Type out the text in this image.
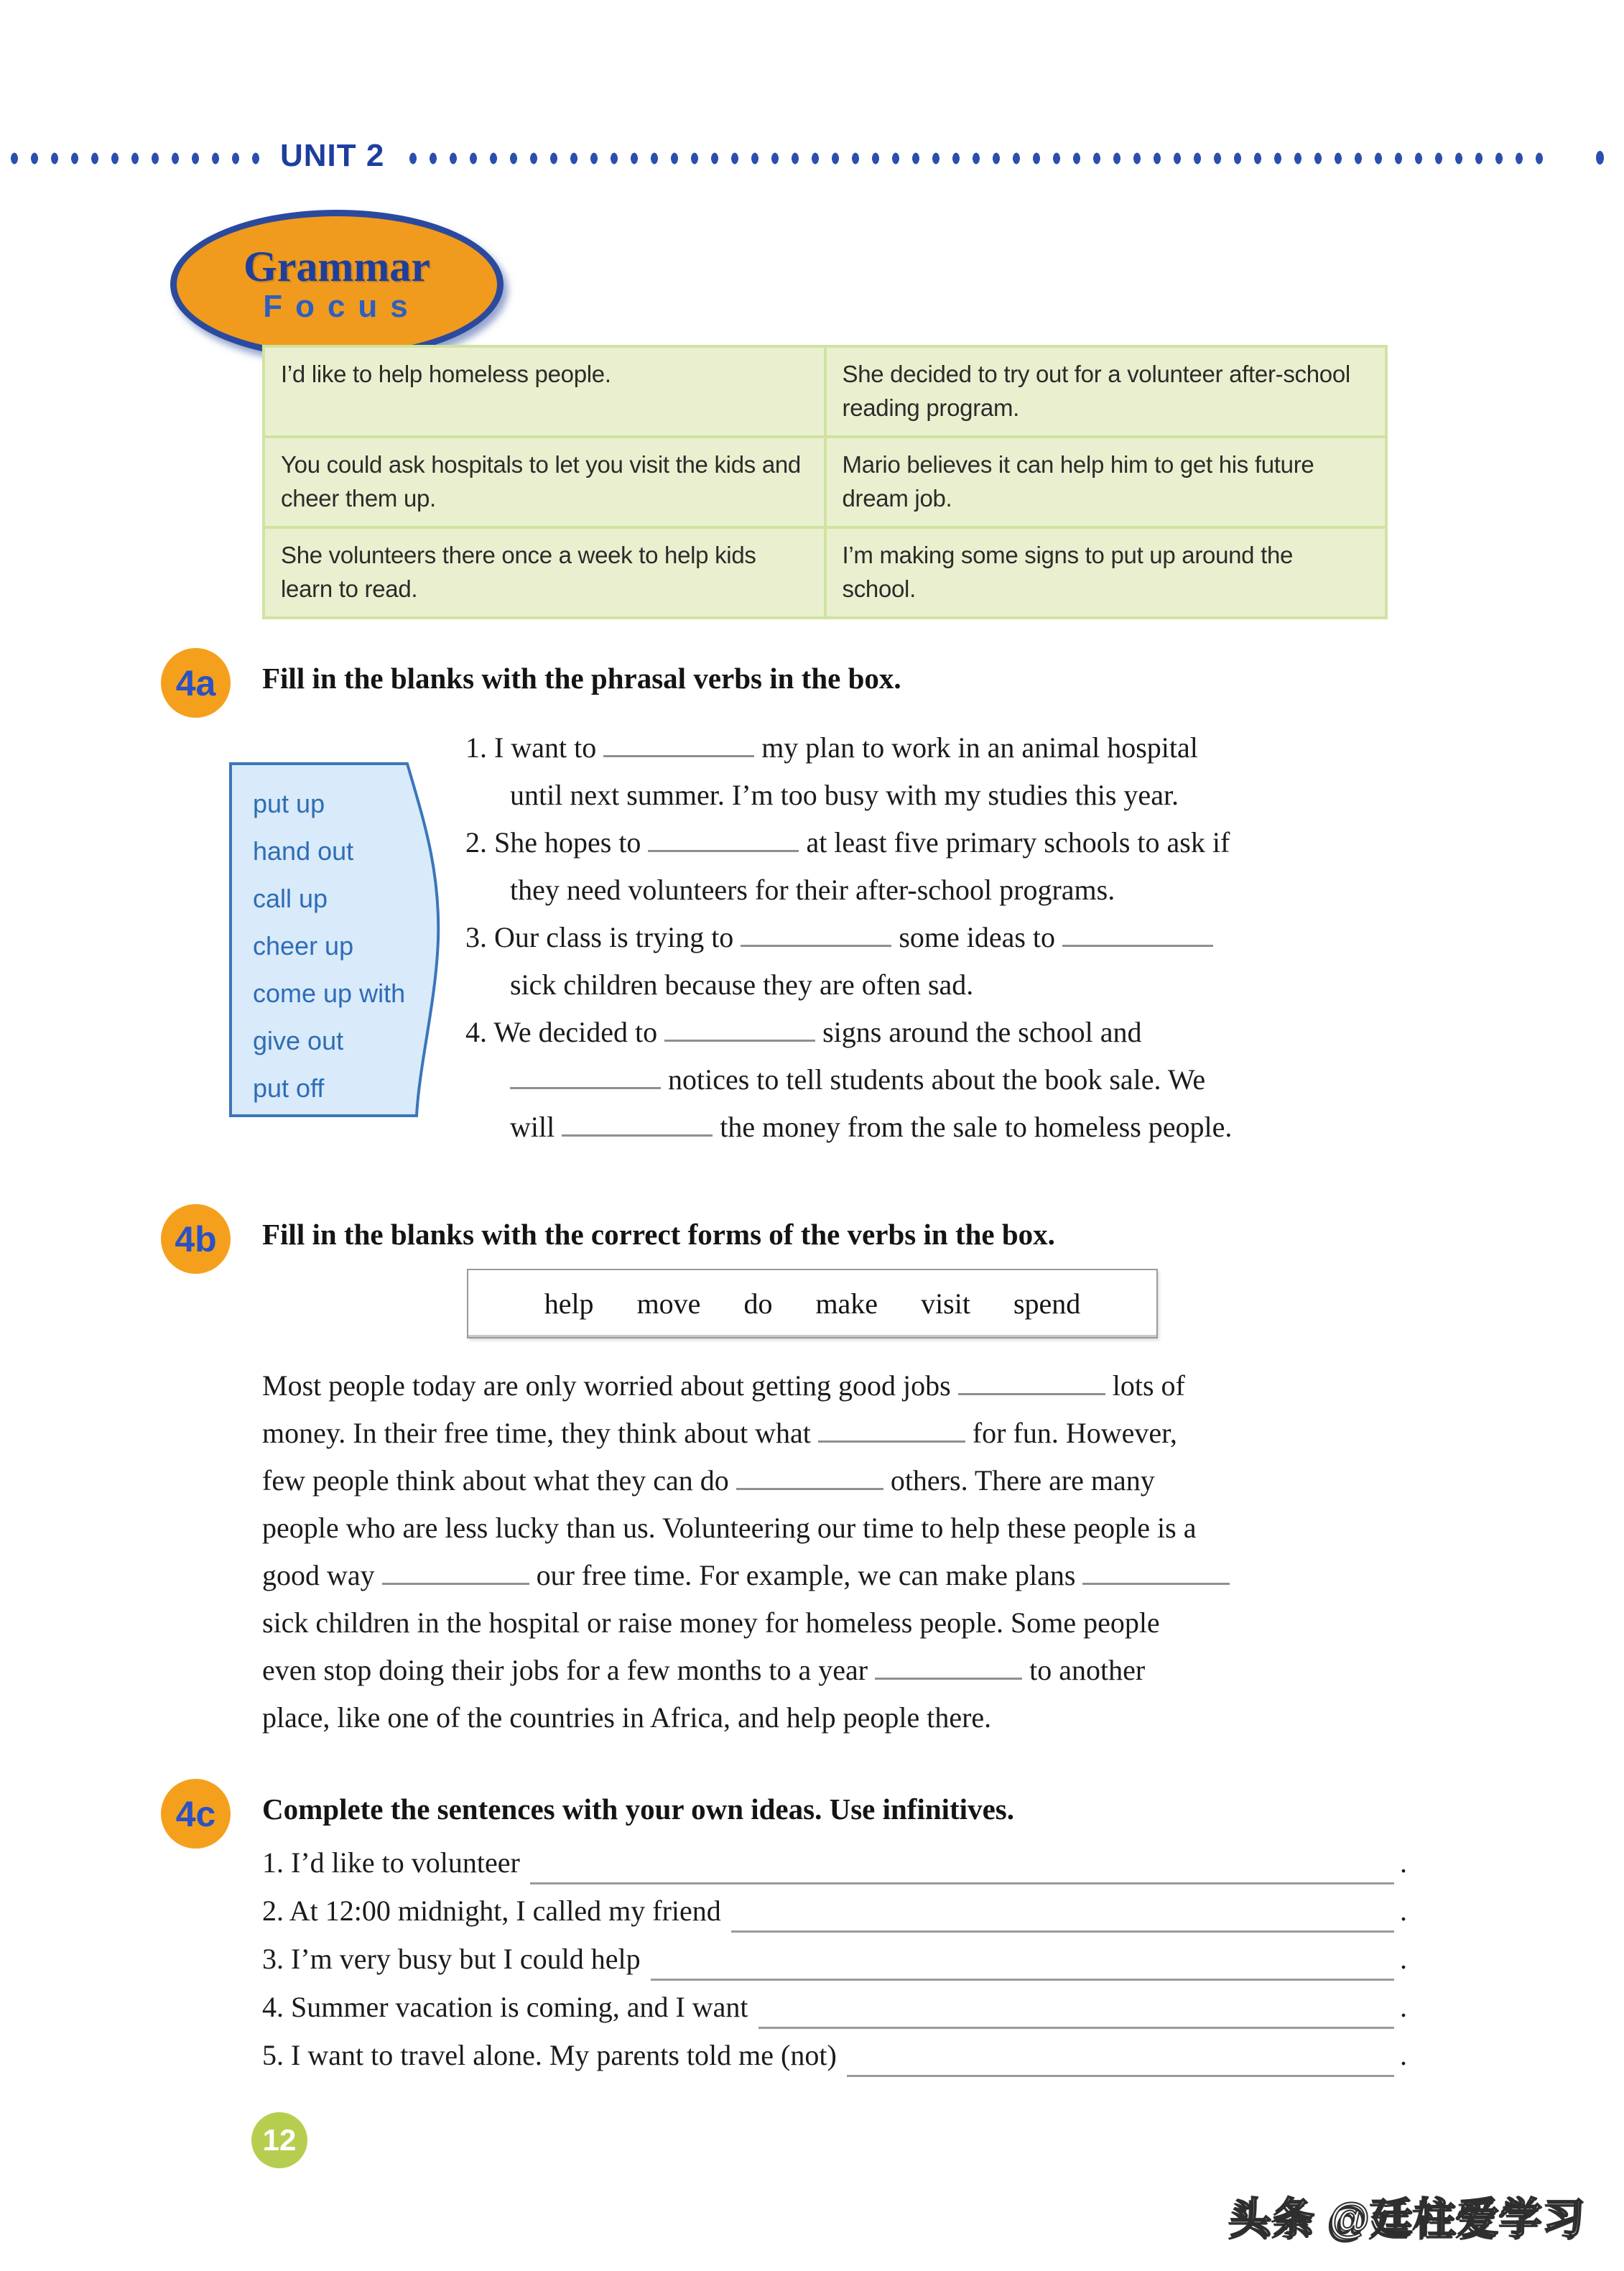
UNIT 2
Grammar
Focus
I’d like to help homeless people.	She decided to try out for a volunteer after-school reading program.
You could ask hospitals to let you visit the kids and cheer them up.	Mario believes it can help him to get his future dream job.
She volunteers there once a week to help kids learn to read.	I’m making some signs to put up around the school.
4a	Fill in the blanks with the phrasal verbs in the box.
put up
hand out
call up
cheer up
come up with
give out
put off
1. I want to	my plan to work in an animal hospital
until next summer. I’m too busy with my studies this year.
2. She hopes to	at least five primary schools to ask if
they need volunteers for their after-school programs.
3. Our class is trying to	some ideas to
sick children because they are often sad.
4. We decided to	signs around the school and
notices to tell students about the book sale. We
will	the money from the sale to homeless people.
4b	Fill in the blanks with the correct forms of the verbs in the box.
help move do make visit spend
Most people today are only worried about getting good jobs	lots of
money. In their free time, they think about what	for fun. However,
few people think about what they can do	others. There are many
people who are less lucky than us. Volunteering our time to help these people is a
good way	our free time. For example, we can make plans
sick children in the hospital or raise money for homeless people. Some people
even stop doing their jobs for a few months to a year	to another
place, like one of the countries in Africa, and help people there.
4c	Complete the sentences with your own ideas. Use infinitives.
1. I’d like to volunteer	.
2. At 12:00 midnight, I called my friend	.
3. I’m very busy but I could help	.
4. Summer vacation is coming, and I want	.
5. I want to travel alone. My parents told me (not)	.
12
头条 @廷柱爱学习
